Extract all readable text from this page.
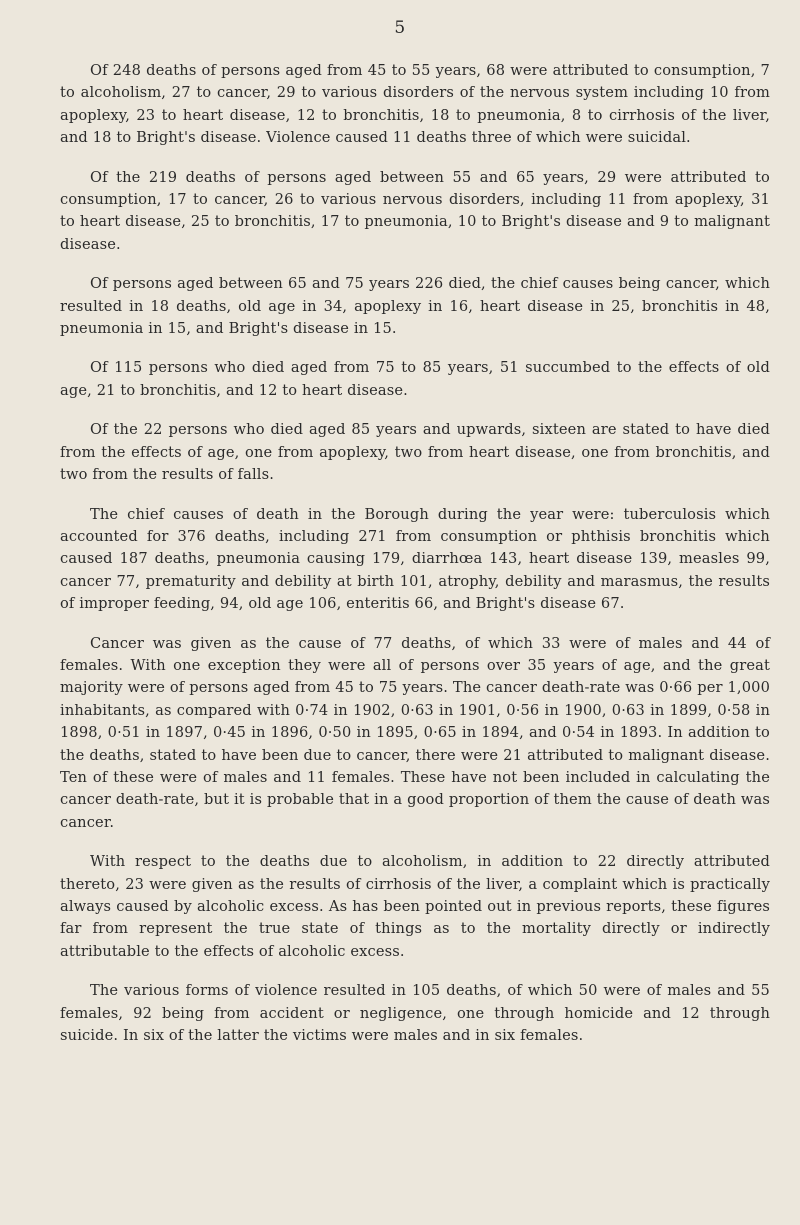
5

Of 248 deaths of persons aged from 45 to 55 years, 68 were attributed to consumption, 7 to alcoholism, 27 to cancer, 29 to various disorders of the nervous system including 10 from apoplexy, 23 to heart disease, 12 to bronchitis, 18 to pneumonia, 8 to cirrhosis of the liver, and 18 to Bright's disease. Violence caused 11 deaths three of which were suicidal.

Of the 219 deaths of persons aged between 55 and 65 years, 29 were attributed to consumption, 17 to cancer, 26 to various nervous disorders, including 11 from apoplexy, 31 to heart disease, 25 to bronchitis, 17 to pneumonia, 10 to Bright's disease and 9 to malignant disease.

Of persons aged between 65 and 75 years 226 died, the chief causes being cancer, which resulted in 18 deaths, old age in 34, apoplexy in 16, heart disease in 25, bronchitis in 48, pneumonia in 15, and Bright's disease in 15.

Of 115 persons who died aged from 75 to 85 years, 51 succumbed to the effects of old age, 21 to bronchitis, and 12 to heart disease.

Of the 22 persons who died aged 85 years and upwards, sixteen are stated to have died from the effects of age, one from apoplexy, two from heart disease, one from bronchitis, and two from the results of falls.

The chief causes of death in the Borough during the year were: tuberculosis which accounted for 376 deaths, including 271 from consumption or phthisis bronchitis which caused 187 deaths, pneumonia causing 179, diarrhœa 143, heart disease 139, measles 99, cancer 77, prematurity and debility at birth 101, atrophy, debility and marasmus, the results of improper feeding, 94, old age 106, enteritis 66, and Bright's disease 67.

Cancer was given as the cause of 77 deaths, of which 33 were of males and 44 of females. With one exception they were all of persons over 35 years of age, and the great majority were of persons aged from 45 to 75 years. The cancer death-rate was 0·66 per 1,000 inhabitants, as compared with 0·74 in 1902, 0·63 in 1901, 0·56 in 1900, 0·63 in 1899, 0·58 in 1898, 0·51 in 1897, 0·45 in 1896, 0·50 in 1895, 0·65 in 1894, and 0·54 in 1893. In addition to the deaths, stated to have been due to cancer, there were 21 attributed to malignant disease. Ten of these were of males and 11 females. These have not been included in calculating the cancer death-rate, but it is probable that in a good proportion of them the cause of death was cancer.

With respect to the deaths due to alcoholism, in addition to 22 directly attributed thereto, 23 were given as the results of cirrhosis of the liver, a complaint which is practically always caused by alcoholic excess. As has been pointed out in previous reports, these figures far from represent the true state of things as to the mortality directly or indirectly attributable to the effects of alcoholic excess.

The various forms of violence resulted in 105 deaths, of which 50 were of males and 55 females, 92 being from accident or negligence, one through homicide and 12 through suicide. In six of the latter the victims were males and in six females.
